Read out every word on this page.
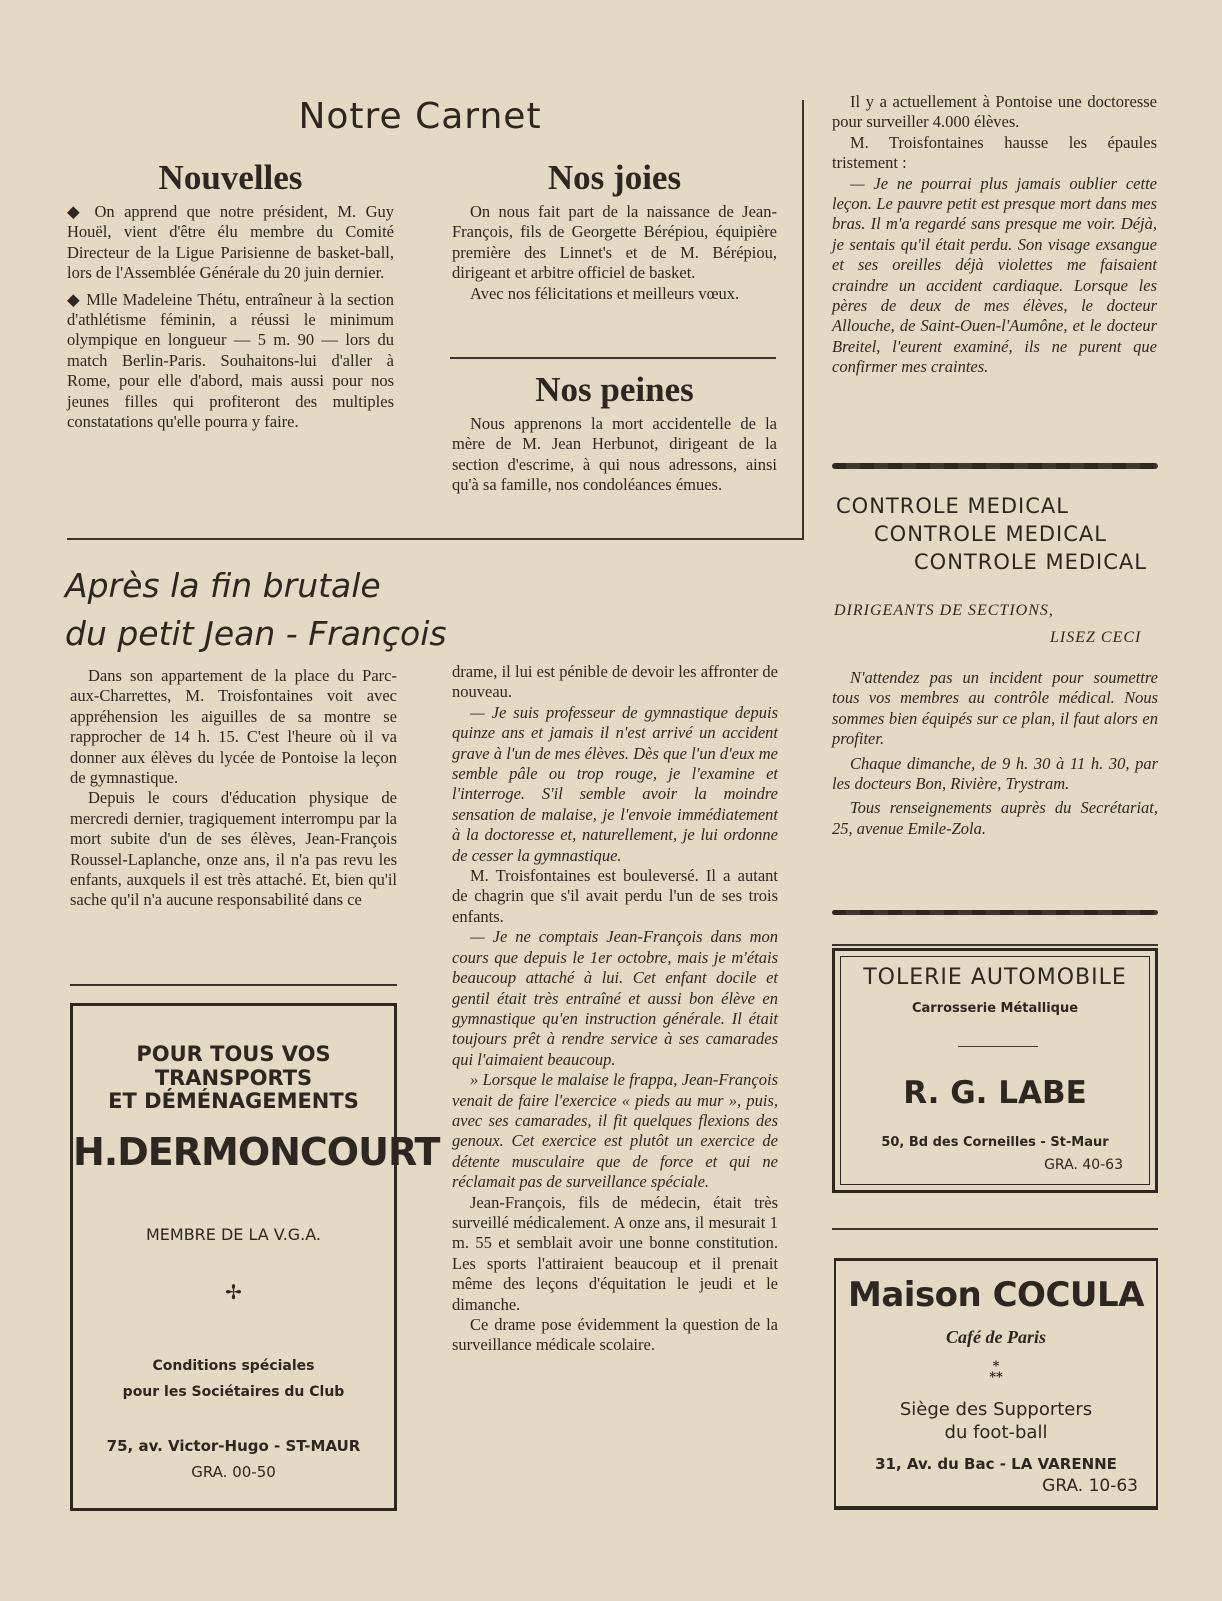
Notre Carnet
Nouvelles

◆ On apprend que notre président, M. Guy Houël, vient d'être élu membre du Comité Directeur de la Ligue Parisienne de basket-ball, lors de l'Assemblée Générale du 20 juin dernier.

◆ Mlle Madeleine Thétu, entraîneur à la section d'athlétisme féminin, a réussi le minimum olympique en longueur — 5 m. 90 — lors du match Berlin-Paris. Souhaitons-lui d'aller à Rome, pour elle d'abord, mais aussi pour nos jeunes filles qui profiteront des multiples constatations qu'elle pourra y faire.

Nos joies

On nous fait part de la naissance de Jean-François, fils de Georgette Bérépiou, équipière première des Linnet's et de M. Bérépiou, dirigeant et arbitre officiel de basket.

Avec nos félicitations et meilleurs vœux.

Nos peines

Nous apprenons la mort accidentelle de la mère de M. Jean Herbunot, dirigeant de la section d'escrime, à qui nous adressons, ainsi qu'à sa famille, nos condoléances émues.

Il y a actuellement à Pontoise une doctoresse pour surveiller 4.000 élèves.

M. Troisfontaines hausse les épaules tristement :

— Je ne pourrai plus jamais oublier cette leçon. Le pauvre petit est presque mort dans mes bras. Il m'a regardé sans presque me voir. Déjà, je sentais qu'il était perdu. Son visage exsangue et ses oreilles déjà violettes me faisaient craindre un accident cardiaque. Lorsque les pères de deux de mes élèves, le docteur Allouche, de Saint-Ouen-l'Aumône, et le docteur Breitel, l'eurent examiné, ils ne purent que confirmer mes craintes.

CONTROLE MEDICAL
CONTROLE MEDICAL
CONTROLE MEDICAL
DIRIGEANTS DE SECTIONS,
LISEZ CECI

N'attendez pas un incident pour soumettre tous vos membres au contrôle médical. Nous sommes bien équipés sur ce plan, il faut alors en profiter.

Chaque dimanche, de 9 h. 30 à 11 h. 30, par les docteurs Bon, Rivière, Trystram.

Tous renseignements auprès du Secrétariat, 25, avenue Emile-Zola.

Après la fin brutale
du petit Jean - François

Dans son appartement de la place du Parc-aux-Charrettes, M. Troisfontaines voit avec appréhension les aiguilles de sa montre se rapprocher de 14 h. 15. C'est l'heure où il va donner aux élèves du lycée de Pontoise la leçon de gymnastique.

Depuis le cours d'éducation physique de mercredi dernier, tragiquement interrompu par la mort subite d'un de ses élèves, Jean-François Roussel-Laplanche, onze ans, il n'a pas revu les enfants, auxquels il est très attaché. Et, bien qu'il sache qu'il n'a aucune responsabilité dans ce

drame, il lui est pénible de devoir les affronter de nouveau.

— Je suis professeur de gymnastique depuis quinze ans et jamais il n'est arrivé un accident grave à l'un de mes élèves. Dès que l'un d'eux me semble pâle ou trop rouge, je l'examine et l'interroge. S'il semble avoir la moindre sensation de malaise, je l'envoie immédiatement à la doctoresse et, naturellement, je lui ordonne de cesser la gymnastique.

M. Troisfontaines est bouleversé. Il a autant de chagrin que s'il avait perdu l'un de ses trois enfants.

— Je ne comptais Jean-François dans mon cours que depuis le 1er octobre, mais je m'étais beaucoup attaché à lui. Cet enfant docile et gentil était très entraîné et aussi bon élève en gymnastique qu'en instruction générale. Il était toujours prêt à rendre service à ses camarades qui l'aimaient beaucoup.

» Lorsque le malaise le frappa, Jean-François venait de faire l'exercice « pieds au mur », puis, avec ses camarades, il fit quelques flexions des genoux. Cet exercice est plutôt un exercice de détente musculaire que de force et qui ne réclamait pas de surveillance spéciale.

Jean-François, fils de médecin, était très surveillé médicalement. A onze ans, il mesurait 1 m. 55 et semblait avoir une bonne constitution. Les sports l'attiraient beaucoup et il prenait même des leçons d'équitation le jeudi et le dimanche.

Ce drame pose évidemment la question de la surveillance médicale scolaire.

POUR TOUS VOS TRANSPORTS
ET DÉMÉNAGEMENTS
H.DERMONCOURT
MEMBRE DE LA V.G.A.
✢
Conditions spéciales
pour les Sociétaires du Club
75, av. Victor-Hugo - ST-MAUR
GRA. 00-50
TOLERIE AUTOMOBILE
Carrosserie Métallique
R. G. LABE
50, Bd des Corneilles - St-Maur
GRA. 40-63
Maison COCULA
Café de Paris
*
**
Siège des Supporters
du foot-ball
31, Av. du Bac - LA VARENNE
GRA. 10-63
